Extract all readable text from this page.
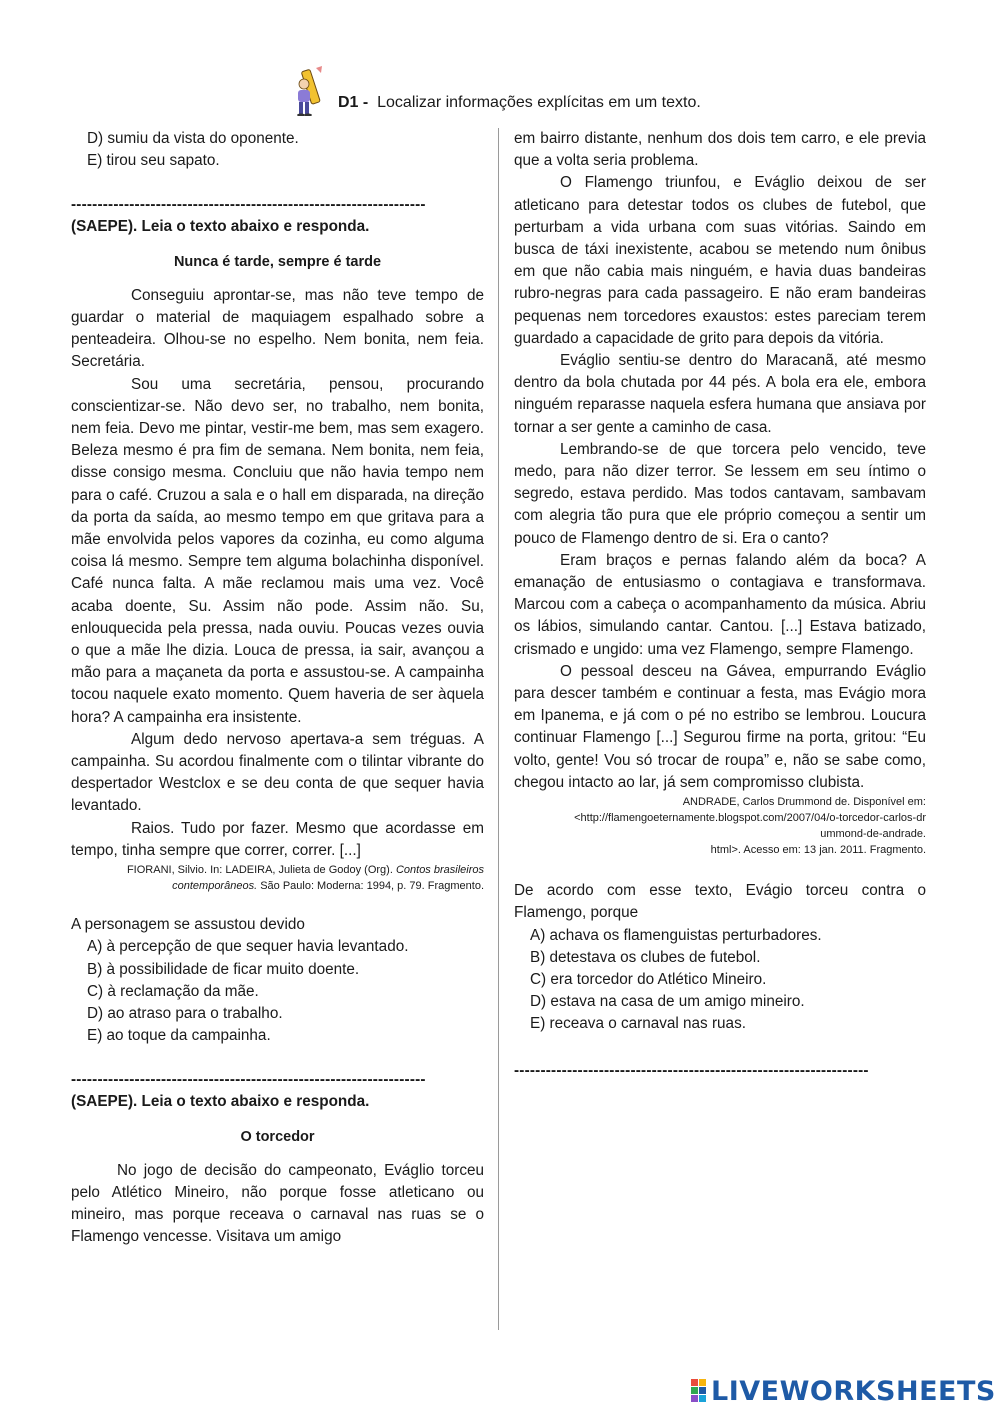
D1 - Localizar informações explícitas em um texto.

D) sumiu da vista do oponente.

E) tirou seu sapato.

-------------------------------------------------------------------

(SAEPE). Leia o texto abaixo e responda.

Nunca é tarde, sempre é tarde

Conseguiu aprontar-se, mas não teve tempo de guardar o material de maquiagem espalhado sobre a penteadeira. Olhou-se no espelho. Nem bonita, nem feia. Secretária.

Sou uma secretária, pensou, procurando conscientizar-se. Não devo ser, no trabalho, nem bonita, nem feia. Devo me pintar, vestir-me bem, mas sem exagero. Beleza mesmo é pra fim de semana. Nem bonita, nem feia, disse consigo mesma. Concluiu que não havia tempo nem para o café. Cruzou a sala e o hall em disparada, na direção da porta da saída, ao mesmo tempo em que gritava para a mãe envolvida pelos vapores da cozinha, eu como alguma coisa lá mesmo. Sempre tem alguma bolachinha disponível. Café nunca falta. A mãe reclamou mais uma vez. Você acaba doente, Su. Assim não pode. Assim não. Su, enlouquecida pela pressa, nada ouviu. Poucas vezes ouvia o que a mãe lhe dizia. Louca de pressa, ia sair, avançou a mão para a maçaneta da porta e assustou-se. A campainha tocou naquele exato momento. Quem haveria de ser àquela hora? A campainha era insistente.

Algum dedo nervoso apertava-a sem tréguas. A campainha. Su acordou finalmente com o tilintar vibrante do despertador Westclox e se deu conta de que sequer havia levantado.

Raios. Tudo por fazer. Mesmo que acordasse em tempo, tinha sempre que correr, correr. [...]

FIORANI, Silvio. In: LADEIRA, Julieta de Godoy (Org). Contos brasileiros contemporâneos. São Paulo: Moderna: 1994, p. 79. Fragmento.

A personagem se assustou devido

A) à percepção de que sequer havia levantado.

B) à possibilidade de ficar muito doente.

C) à reclamação da mãe.

D) ao atraso para o trabalho.

E) ao toque da campainha.

-------------------------------------------------------------------

(SAEPE). Leia o texto abaixo e responda.

O torcedor

No jogo de decisão do campeonato, Eváglio torceu pelo Atlético Mineiro, não porque fosse atleticano ou mineiro, mas porque receava o carnaval nas ruas se o Flamengo vencesse. Visitava um amigo

em bairro distante, nenhum dos dois tem carro, e ele previa que a volta seria problema.

O Flamengo triunfou, e Eváglio deixou de ser atleticano para detestar todos os clubes de futebol, que perturbam a vida urbana com suas vitórias. Saindo em busca de táxi inexistente, acabou se metendo num ônibus em que não cabia mais ninguém, e havia duas bandeiras rubro-negras para cada passageiro. E não eram bandeiras pequenas nem torcedores exaustos: estes pareciam terem guardado a capacidade de grito para depois da vitória.

Eváglio sentiu-se dentro do Maracanã, até mesmo dentro da bola chutada por 44 pés. A bola era ele, embora ninguém reparasse naquela esfera humana que ansiava por tornar a ser gente a caminho de casa.

Lembrando-se de que torcera pelo vencido, teve medo, para não dizer terror. Se lessem em seu íntimo o segredo, estava perdido. Mas todos cantavam, sambavam com alegria tão pura que ele próprio começou a sentir um pouco de Flamengo dentro de si. Era o canto?

Eram braços e pernas falando além da boca? A emanação de entusiasmo o contagiava e transformava. Marcou com a cabeça o acompanhamento da música. Abriu os lábios, simulando cantar. Cantou. [...] Estava batizado, crismado e ungido: uma vez Flamengo, sempre Flamengo.

O pessoal desceu na Gávea, empurrando Eváglio para descer também e continuar a festa, mas Evágio mora em Ipanema, e já com o pé no estribo se lembrou. Loucura continuar Flamengo [...] Segurou firme na porta, gritou: “Eu volto, gente! Vou só trocar de roupa” e, não se sabe como, chegou intacto ao lar, já sem compromisso clubista.

ANDRADE, Carlos Drummond de. Disponível em:

<http://flamengoeternamente.blogspot.com/2007/04/o-torcedor-carlos-dr

ummond-de-andrade.

html>. Acesso em: 13 jan. 2011. Fragmento.

De acordo com esse texto, Evágio torceu contra o Flamengo, porque

A) achava os flamenguistas perturbadores.

B) detestava os clubes de futebol.

C) era torcedor do Atlético Mineiro.

D) estava na casa de um amigo mineiro.

E) receava o carnaval nas ruas.

-------------------------------------------------------------------

LIVEWORKSHEETS
